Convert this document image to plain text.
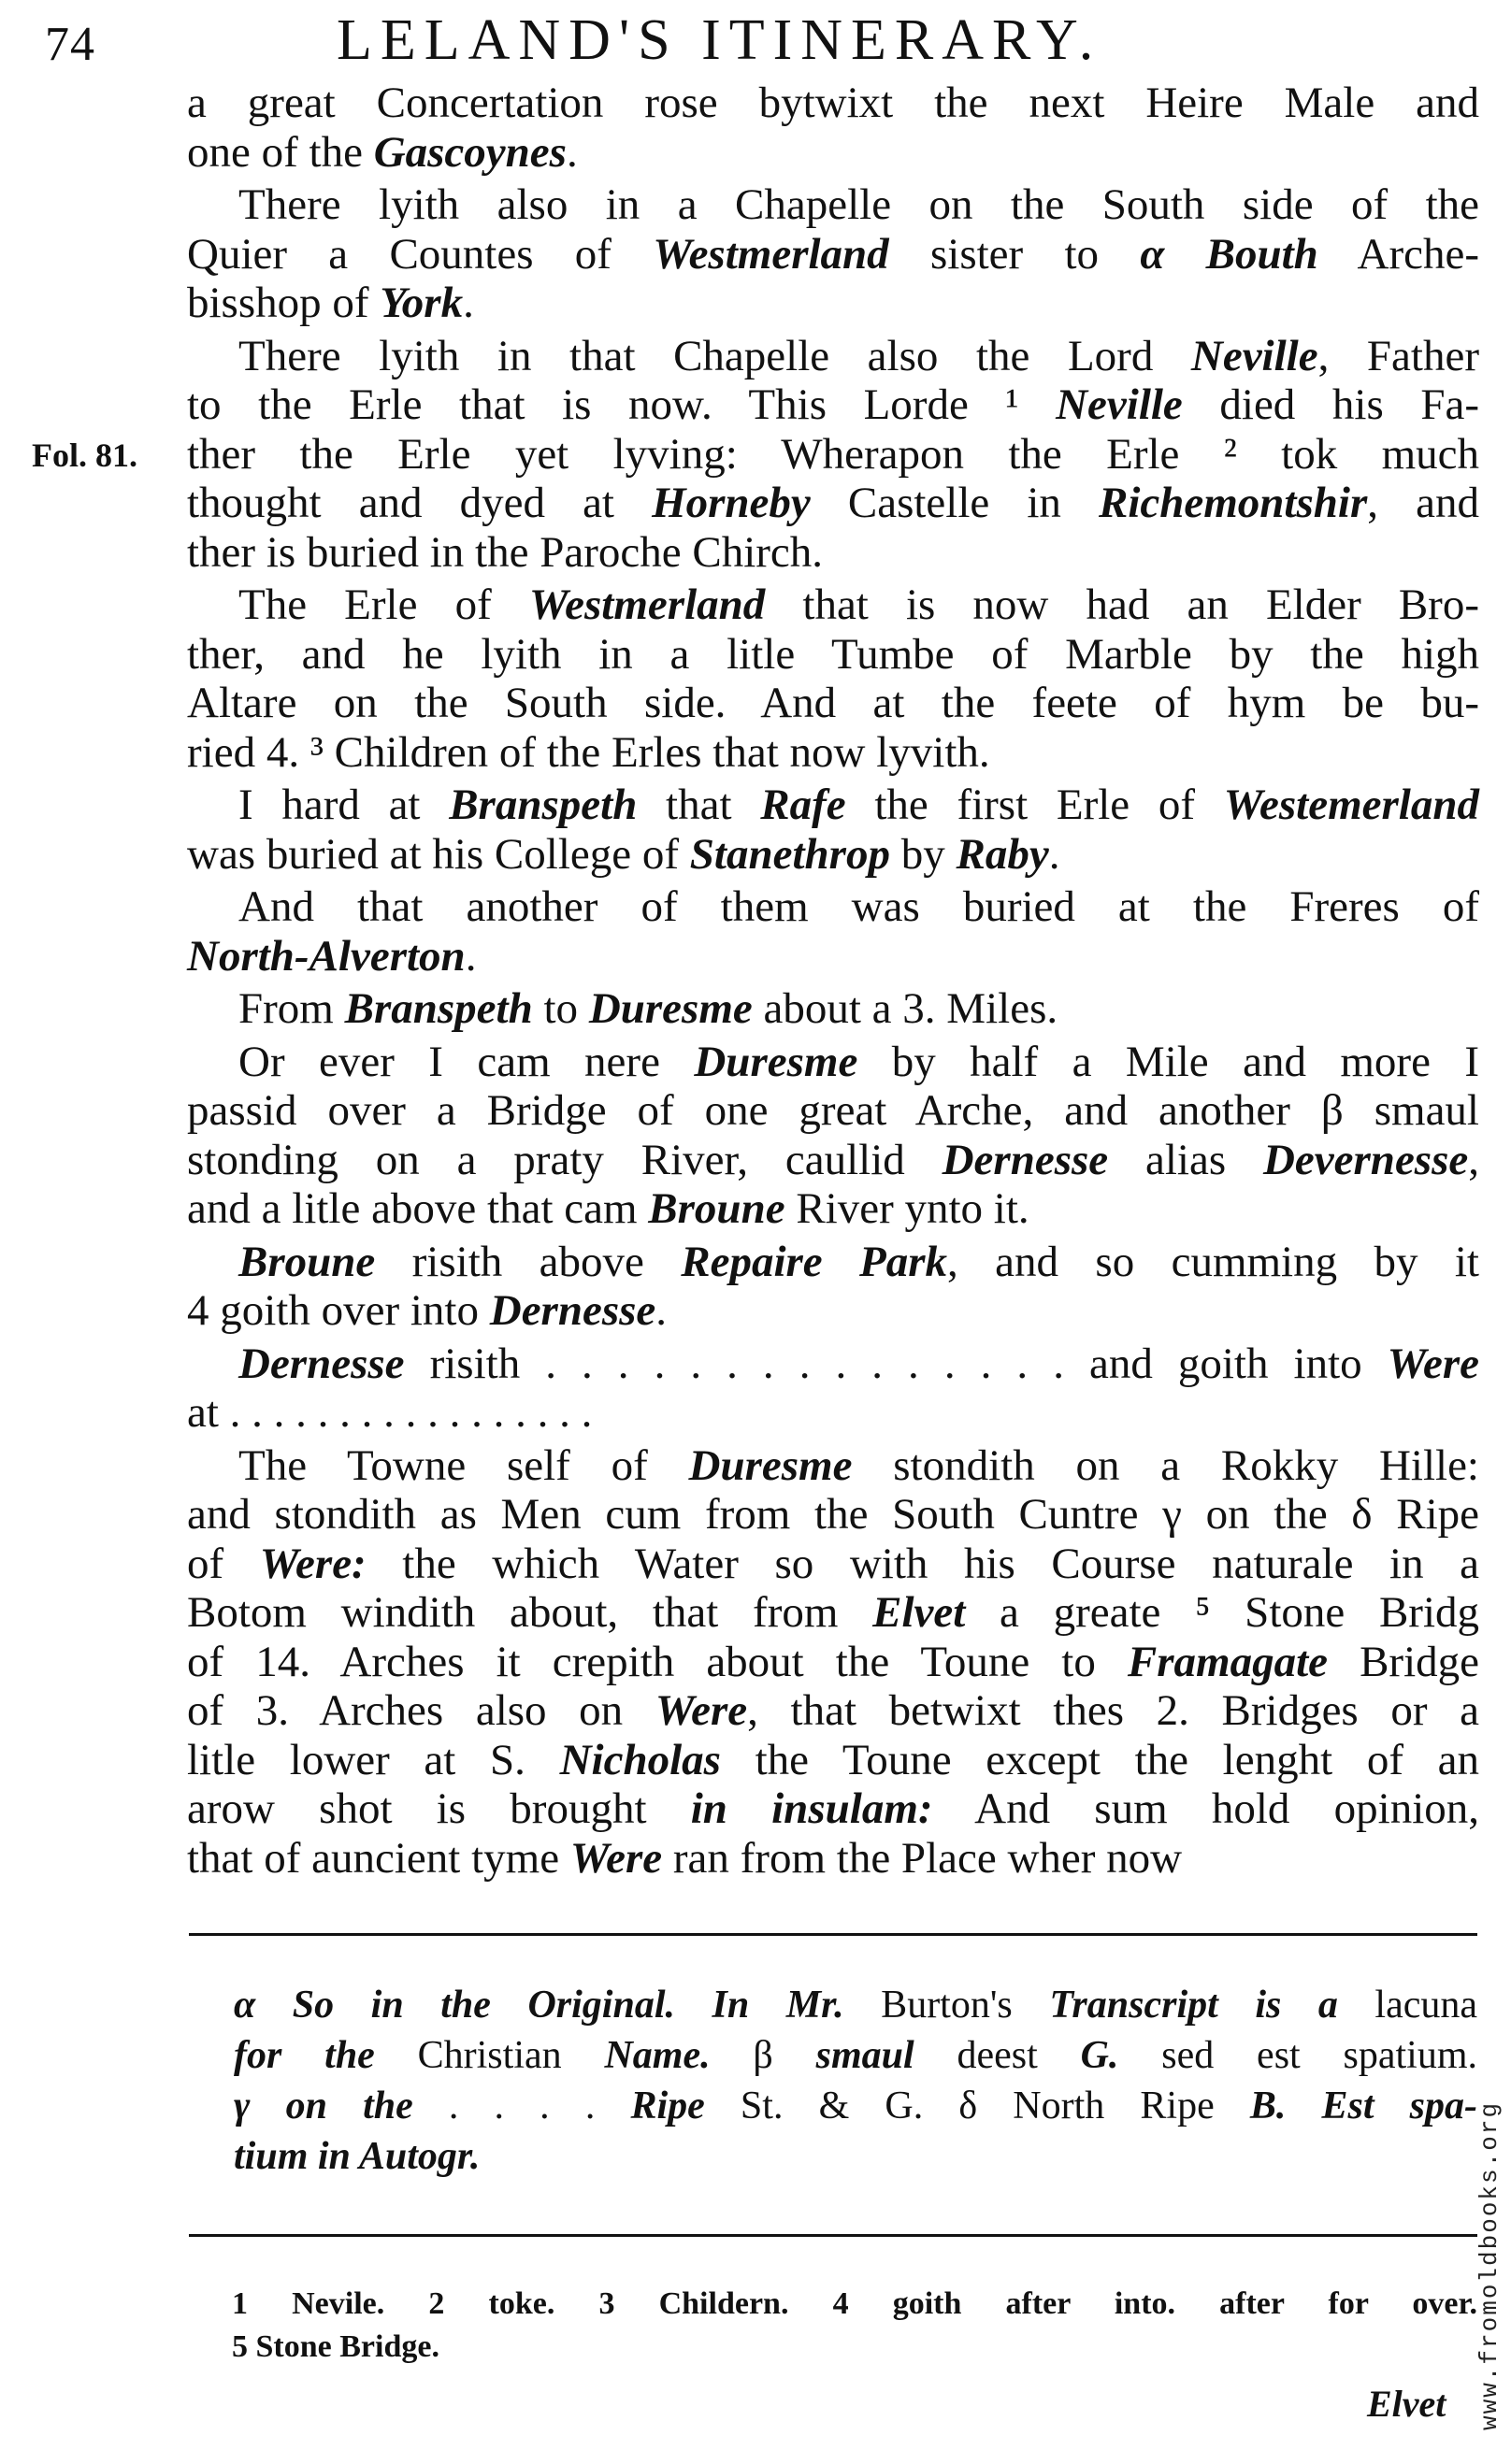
74	LELAND'S ITINERARY.
Fol. 81.
a great Concertation rose bytwixt the next Heire Male and
one of the Gascoynes.
There lyith also in a Chapelle on the South side of the
Quier a Countes of Westmerland sister to α Bouth Arche-
bisshop of York.
There lyith in that Chapelle also the Lord Neville, Father
to the Erle that is now. This Lorde ¹ Neville died his Fa-
ther the Erle yet lyving: Wherapon the Erle ² tok much
thought and dyed at Horneby Castelle in Richemontshir, and
ther is buried in the Paroche Chirch.
The Erle of Westmerland that is now had an Elder Bro-
ther, and he lyith in a litle Tumbe of Marble by the high
Altare on the South side. And at the feete of hym be bu-
ried 4. ³ Children of the Erles that now lyvith.
I hard at Branspeth that Rafe the first Erle of Westemerland
was buried at his College of Stanethrop by Raby.
And that another of them was buried at the Freres of
North-Alverton.
From Branspeth to Duresme about a 3. Miles.
Or ever I cam nere Duresme by half a Mile and more I
passid over a Bridge of one great Arche, and another β smaul
stonding on a praty River, caullid Dernesse alias Devernesse,
and a litle above that cam Broune River ynto it.
Broune risith above Repaire Park, and so cumming by it
4 goith over into Dernesse.
Dernesse risith . . . . . . . . . . . . . . . and goith into Were
at . . . . . . . . . . . . . . . . .
The Towne self of Duresme stondith on a Rokky Hille:
and stondith as Men cum from the South Cuntre γ on the δ Ripe
of Were: the which Water so with his Course naturale in a
Botom windith about, that from Elvet a greate ⁵ Stone Bridg
of 14. Arches it crepith about the Toune to Framagate Bridge
of 3. Arches also on Were, that betwixt thes 2. Bridges or a
litle lower at S. Nicholas the Toune except the lenght of an
arow shot is brought in insulam: And sum hold opinion,
that of auncient tyme Were ran from the Place wher now
α So in the Original. In Mr. Burton's Transcript is a lacuna
for the Christian Name. β smaul deest G. sed est spatium.
γ on the . . . . Ripe St. & G. δ North Ripe B. Est spa-
tium in Autogr.
1 Nevile. 2 toke. 3 Childern. 4 goith after into. after for over.
5 Stone Bridge.
Elvet www.fromoldbooks.org
